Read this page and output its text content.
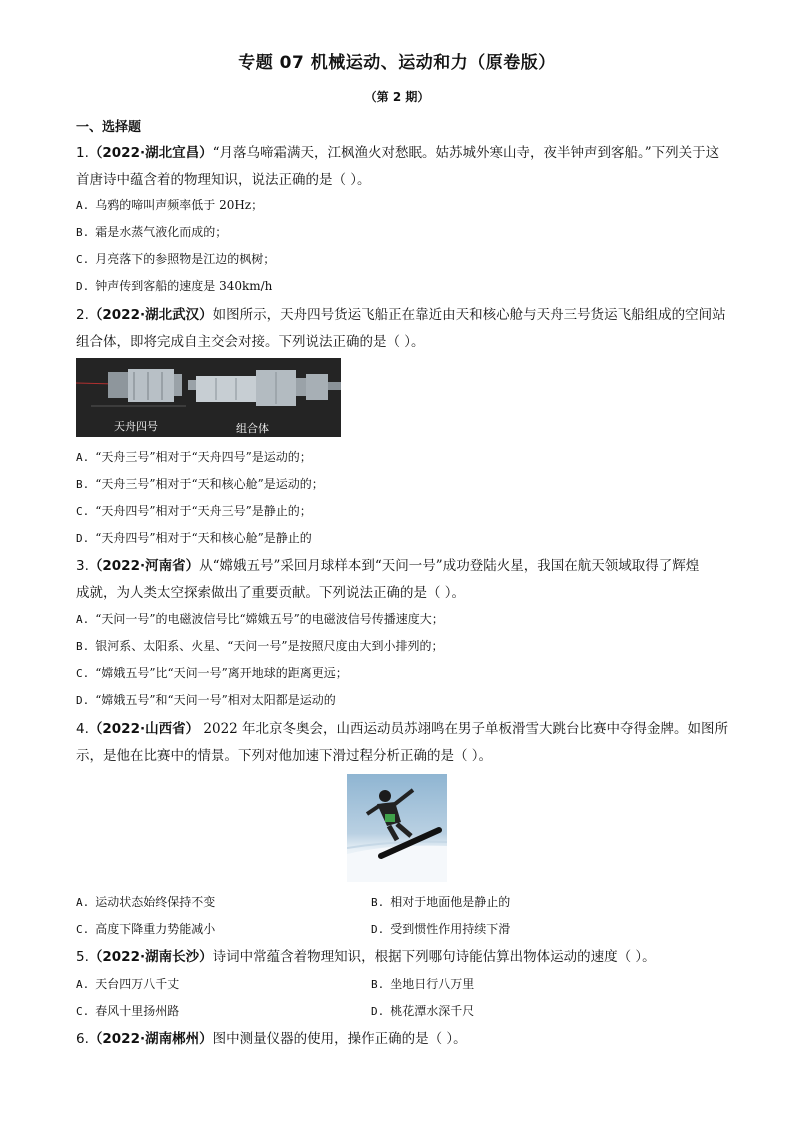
专题 07 机械运动、运动和力（原卷版）
（第 2 期）
一、选择题
1.（2022·湖北宜昌）“月落乌啼霜满天，江枫渔火对愁眠。姑苏城外寒山寺，夜半钟声到客船。”下列关于这
首唐诗中蕴含着的物理知识，说法正确的是（ ）。
A. 乌鸦的啼叫声频率低于 20Hz；
B. 霜是水蒸气液化而成的；
C. 月亮落下的参照物是江边的枫树；
D. 钟声传到客船的速度是 340km/h
2.（2022·湖北武汉）如图所示，天舟四号货运飞船正在靠近由天和核心舱与天舟三号货运飞船组成的空间站
组合体，即将完成自主交会对接。下列说法正确的是（ ）。
天舟四号	组合体
A. “天舟三号”相对于“天舟四号”是运动的；
B. “天舟三号”相对于“天和核心舱”是运动的；
C. “天舟四号”相对于“天舟三号”是静止的；
D. “天舟四号”相对于“天和核心舱”是静止的
3.（2022·河南省）从“嫦娥五号”采回月球样本到“天问一号”成功登陆火星，我国在航天领域取得了辉煌
成就，为人类太空探索做出了重要贡献。下列说法正确的是（ ）。
A. “天问一号”的电磁波信号比“嫦娥五号”的电磁波信号传播速度大；
B. 银河系、太阳系、火星、“天问一号”是按照尺度由大到小排列的；
C. “嫦娥五号”比“天问一号”离开地球的距离更远；
D. “嫦娥五号”和“天问一号”相对太阳都是运动的
4.（2022·山西省） 2022 年北京冬奥会，山西运动员苏翊鸣在男子单板滑雪大跳台比赛中夺得金牌。如图所
示，是他在比赛中的情景。下列对他加速下滑过程分析正确的是（ ）。
A. 运动状态始终保持不变	B. 相对于地面他是静止的
C. 高度下降重力势能减小	D. 受到惯性作用持续下滑
5.（2022·湖南长沙）诗词中常蕴含着物理知识，根据下列哪句诗能估算出物体运动的速度（ ）。
A. 天台四万八千丈	B. 坐地日行八万里
C. 春风十里扬州路	D. 桃花潭水深千尺
6.（2022·湖南郴州）图中测量仪器的使用，操作正确的是（ ）。
